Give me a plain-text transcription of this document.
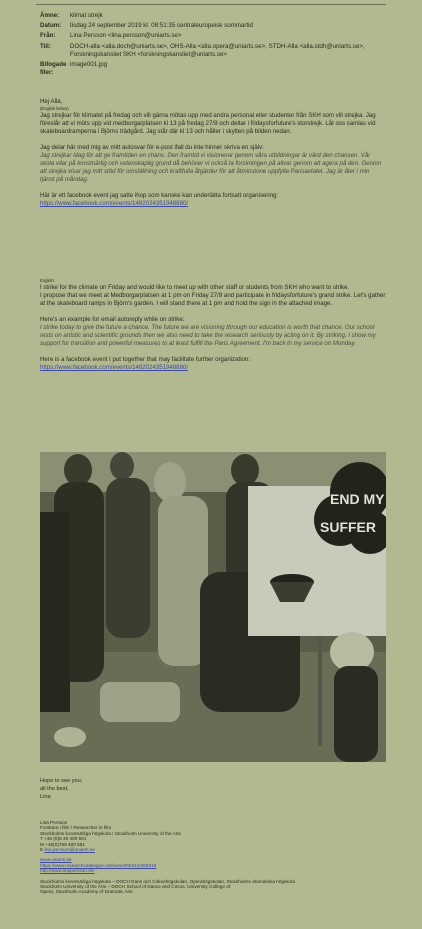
Ämne:	klimat strejk
Datum:	tisdag 24 september 2019 kl. 08:51:35 centraleuropeisk sommartid
Från:	Lina Persson <lina.persson@uniarts.se>
Till:	DOCH-alla <alla.doch@uniarts.se>, OHS-Alla <alla.opera@uniarts.se>, STDH-Alla <alla.stdh@uniarts.se>, Forskningskansliet SKH <forskningskansliet@uniarts.se>
Bifogade filer:
image001.jpg
Hej Alla,
(English below)
Jag strejkar för klimatet på fredag och vill gärna mötas upp med andra personal eller studenter från SKH som vill strejka. Jag föreslår att vi möts upp vid medborgarplatsen kl 13 på fredag 27/9 och deltar i fridaysforfuture's storstrejk. Låt oss samlas vid skateboardramperna i Björns trädgård. Jag står där kl 13 och håller i skylten på bilden nedan.
Jag delar här med mig av mitt autosvar för e-post ifall du inte hinner skriva en själv:
Jag strejkar idag för att ge framtiden en chans. Den framtid vi visionerar genom våra utbildningar är värd den chansen. Vår skola vilar på konstnärlig och vetenskaplig grund då behöver vi också ta forskningen på allvar genom att agera på den. Genom att strejka visar jag mitt stöd för omställning och kraftfulla åtgärder för att åtminstone uppfylla Parisavtalet. Jag är åter i min tjänst på måndag.
Här är ett facebook event jag satte ihop som kanske kan underlätta fortsatt organisering:
https://www.facebook.com/events/1482024351948880/
English:
I strike for the climate on Friday and would like to meet up with other staff or students from SKH who want to strike.
I propose that we meet at Medborgarplatsen at 1 pm on Friday 27/9 and participate in fridaysforfuture's grand strike. Let's gather at the skateboard ramps in Björn's garden. I will stand there at 1 pm and hold the sign in the attached image.
Here's an example for email autoreply while on strike:
I strike today to give the future a chance. The future we are visioning through our education is worth that chance. Our school rests on artistic and scientific grounds then we also need to take the research seriously by acting on it. By striking, I show my support for transition and powerful measures to at least fulfill the Paris Agreement. I'm back in my service on Monday.
Here is a facebook event I put together that may facilitate further organization: https://www.facebook.com/events/1482024351948880/
END MY
SUFFER
Hope to see you,
all the best,
Lina
Lina Persson
Forskare i film / Researcher in film
Stockholms konstnärliga högskola / Stockholm University of the Arts
T +46 (0)8 49 400 591
M +46(0)769 400 591
E lina.persson@uniarts.se
www.uniarts.se
https://www.researchcatalogue.net/view/266314/266315
http://www.linapersson.se/
Stockholms konstnärliga högskola – DOCH Dans och Cirkushögskolan, Operahögskolan, Stockholms dramatiska högskola
Stockholm University of the Arts – DOCH School of Dance and Circus, University College of
Opera, Stockholm Academy of Dramatic Arts
